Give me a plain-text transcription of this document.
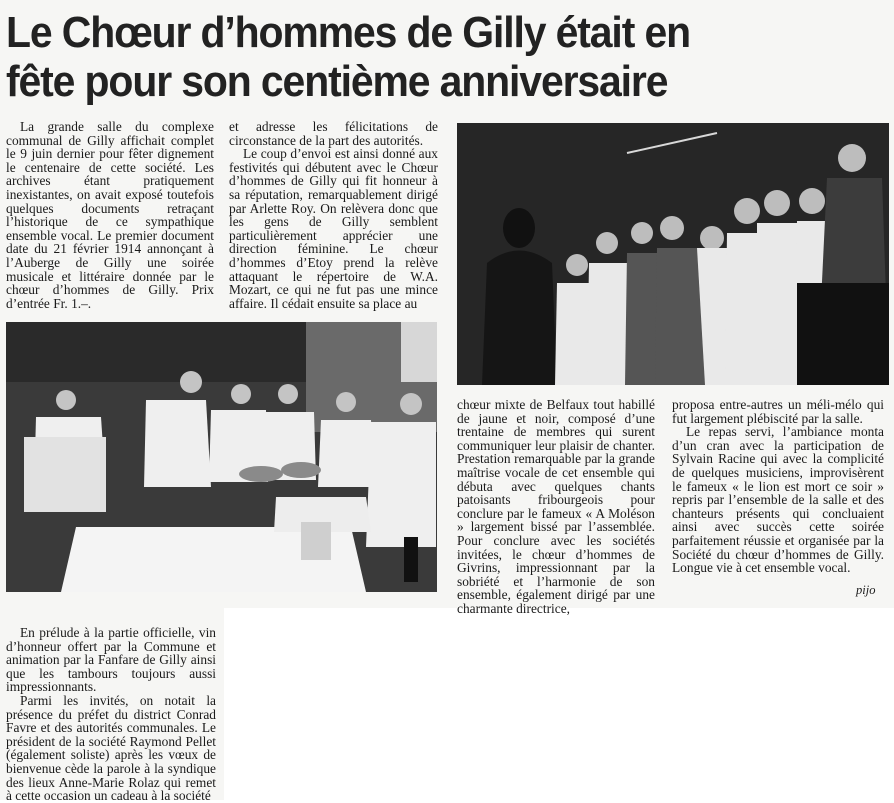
Le Chœur d’hommes de Gilly était en
fête pour son centième anniversaire

La grande salle du complexe communal de Gilly affichait complet le 9 juin dernier pour fêter dignement le centenaire de cette société. Les archives étant pratiquement inexistantes, on avait exposé toutefois quelques documents retraçant l’historique de ce sympathique ensemble vocal. Le premier document date du 21 février 1914 annonçant à l’Auberge de Gilly une soirée musicale et littéraire donnée par le chœur d’hommes de Gilly. Prix d’entrée Fr. 1.–.

et adresse les félicitations de circonstance de la part des autorités.

Le coup d’envoi est ainsi donné aux festivités qui débutent avec le Chœur d’hommes de Gilly qui fit honneur à sa réputation, remarquablement dirigé par Arlette Roy. On relèvera donc que les gens de Gilly semblent particulièrement apprécier une direction féminine. Le chœur d’hommes d’Etoy prend la relève attaquant le répertoire de W.A. Mozart, ce qui ne fut pas une mince affaire. Il cédait ensuite sa place au

En prélude à la partie officielle, vin d’honneur offert par la Commune et animation par la Fanfare de Gilly ainsi que les tambours toujours aussi impressionnants.

Parmi les invités, on notait la présence du préfet du district Conrad Favre et des autorités communales. Le président de la société Raymond Pellet (également soliste) après les vœux de bienvenue cède la parole à la syndique des lieux Anne-Marie Rolaz qui remet à cette occasion un cadeau à la société

chœur mixte de Belfaux tout habillé de jaune et noir, composé d’une trentaine de membres qui surent communiquer leur plaisir de chanter. Prestation remarquable par la grande maîtrise vocale de cet ensemble qui débuta avec quelques chants patoisants fribourgeois pour conclure par le fameux « A Moléson » largement bissé par l’assemblée. Pour conclure avec les sociétés invitées, le chœur d’hommes de Givrins, impressionnant par la sobriété et l’harmonie de son ensemble, également dirigé par une charmante directrice,

proposa entre-autres un méli-mélo qui fut largement plébiscité par la salle.

Le repas servi, l’ambiance monta d’un cran avec la participation de Sylvain Racine qui avec la complicité de quelques musiciens, improvisèrent le fameux « le lion est mort ce soir » repris par l’ensemble de la salle et des chanteurs présents qui concluaient ainsi avec succès cette soirée parfaitement réussie et organisée par la Société du chœur d’hommes de Gilly. Longue vie à cet ensemble vocal.

pijo
